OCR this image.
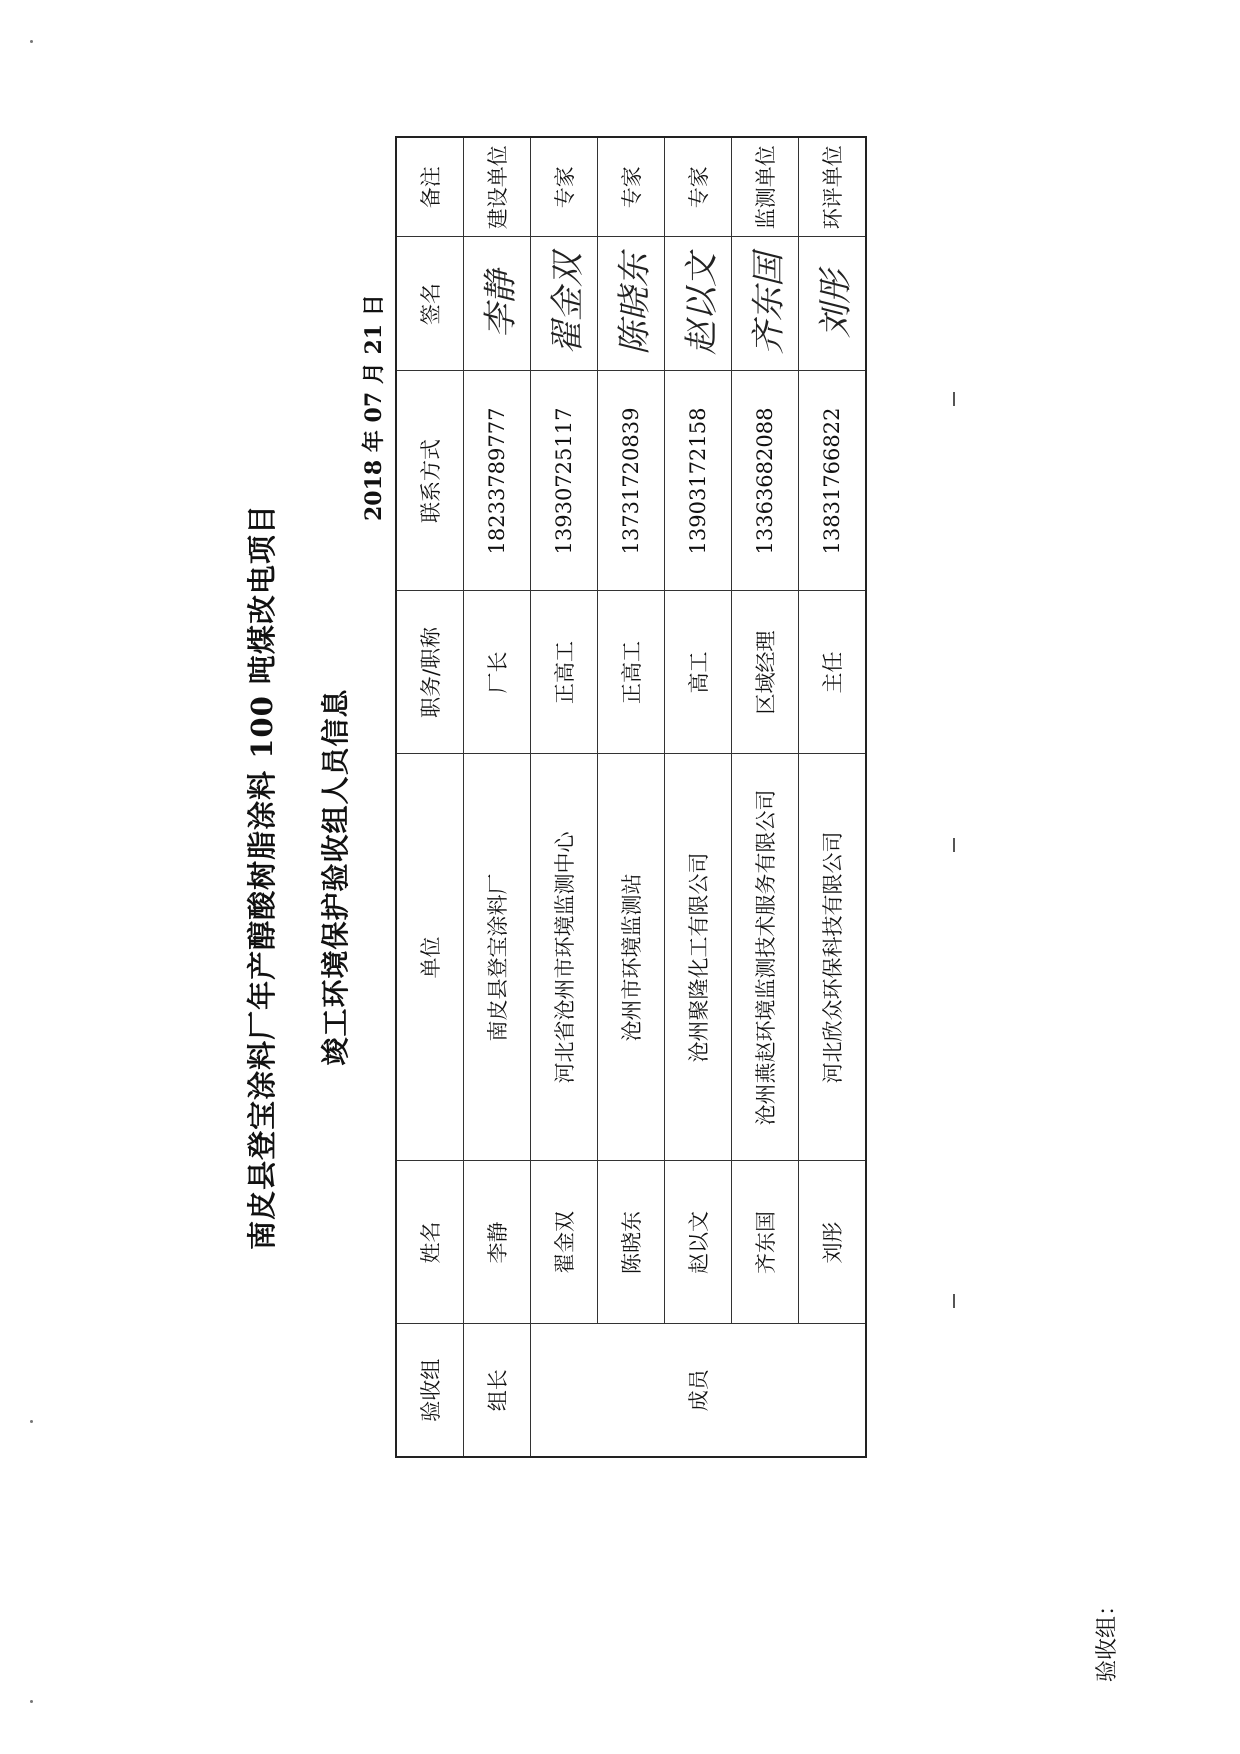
南皮县登宝涂料厂年产醇酸树脂涂料 100 吨煤改电项目 竣工环境保护验收组人员信息
2018 年 07 月 21 日
验收组	姓名	单位	职务/职称	联系方式	签名	备注
组长	李静	南皮县登宝涂料厂	厂长	18233789777	李静	建设单位
成员	翟金双	河北省沧州市环境监测中心	正高工	13930725117	翟金双	专家
	陈晓东	沧州市环境监测站	正高工	13731720839	陈晓东	专家
	赵以文	沧州聚隆化工有限公司	高工	13903172158	赵以文	专家
	齐东国	沧州燕赵环境监测技术服务有限公司	区域经理	13363682088	齐东国	监测单位
	刘彤	河北欣众环保科技有限公司	主任	13831766822	刘彤	环评单位
验收组：
